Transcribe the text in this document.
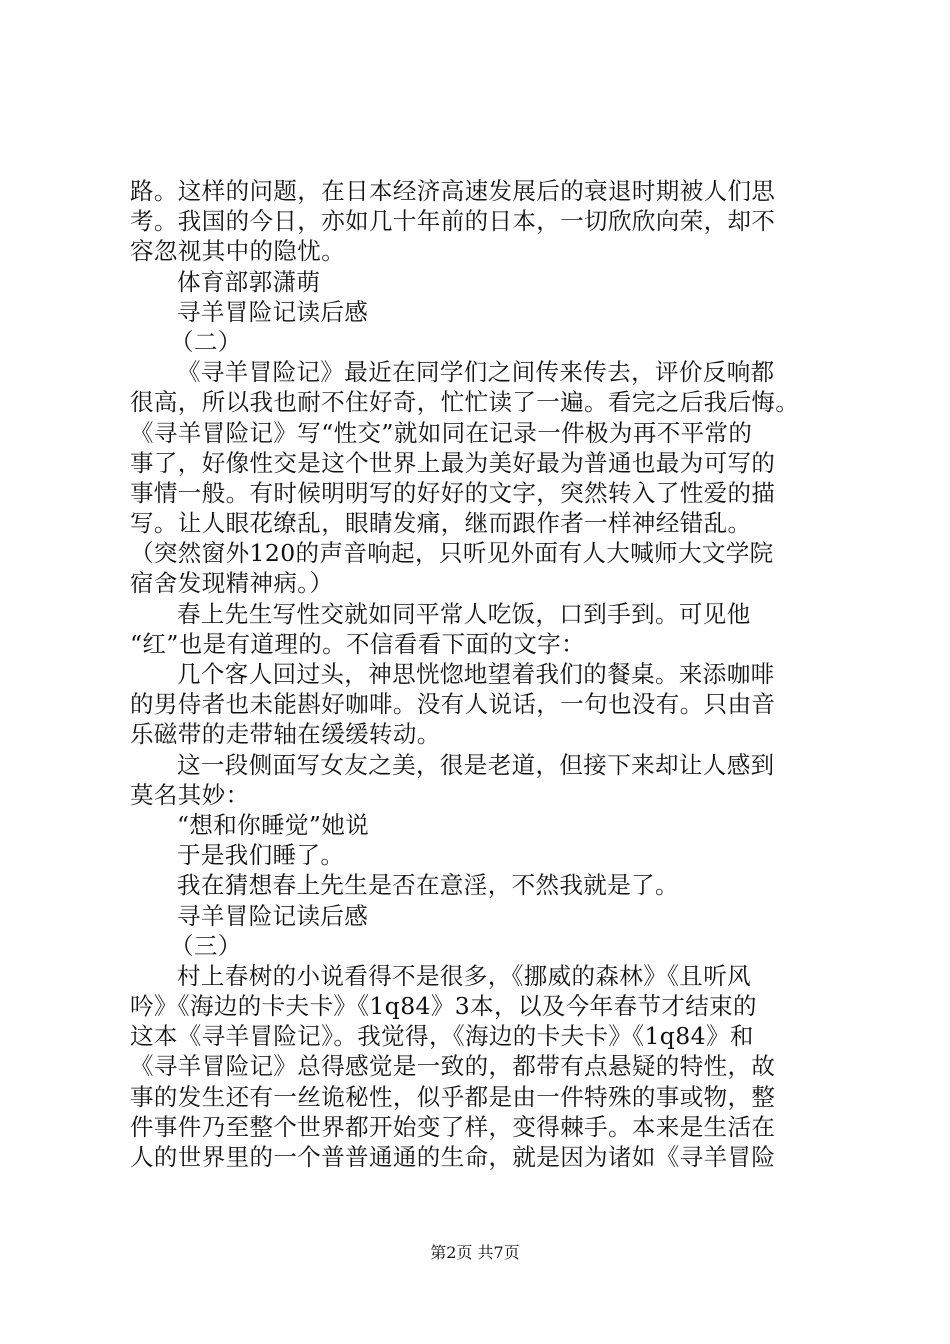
路。这样的问题，在日本经济高速发展后的衰退时期被人们思
考。我国的今日，亦如几十年前的日本，一切欣欣向荣，却不
容忽视其中的隐忧。
体育部郭潇萌
寻羊冒险记读后感
（二）
《寻羊冒险记》最近在同学们之间传来传去，评价反响都
很高，所以我也耐不住好奇，忙忙读了一遍。看完之后我后悔。
《寻羊冒险记》写“性交”就如同在记录一件极为再不平常的
事了，好像性交是这个世界上最为美好最为普通也最为可写的
事情一般。有时候明明写的好好的文字，突然转入了性爱的描
写。让人眼花缭乱，眼睛发痛，继而跟作者一样神经错乱。
（突然窗外120的声音响起，只听见外面有人大喊师大文学院
宿舍发现精神病。）
春上先生写性交就如同平常人吃饭，口到手到。可见他
“红”也是有道理的。不信看看下面的文字：
几个客人回过头，神思恍惚地望着我们的餐桌。来添咖啡
的男侍者也未能斟好咖啡。没有人说话，一句也没有。只由音
乐磁带的走带轴在缓缓转动。
这一段侧面写女友之美，很是老道，但接下来却让人感到
莫名其妙：
“想和你睡觉”她说
于是我们睡了。
我在猜想春上先生是否在意淫，不然我就是了。
寻羊冒险记读后感
（三）
村上春树的小说看得不是很多，《挪威的森林》《且听风
吟》《海边的卡夫卡》《1q84》3本，以及今年春节才结束的
这本《寻羊冒险记》。我觉得，《海边的卡夫卡》《1q84》和
《寻羊冒险记》总得感觉是一致的，都带有点悬疑的特性，故
事的发生还有一丝诡秘性，似乎都是由一件特殊的事或物，整
件事件乃至整个世界都开始变了样，变得棘手。本来是生活在
人的世界里的一个普普通通的生命，就是因为诸如《寻羊冒险
第2页 共7页
